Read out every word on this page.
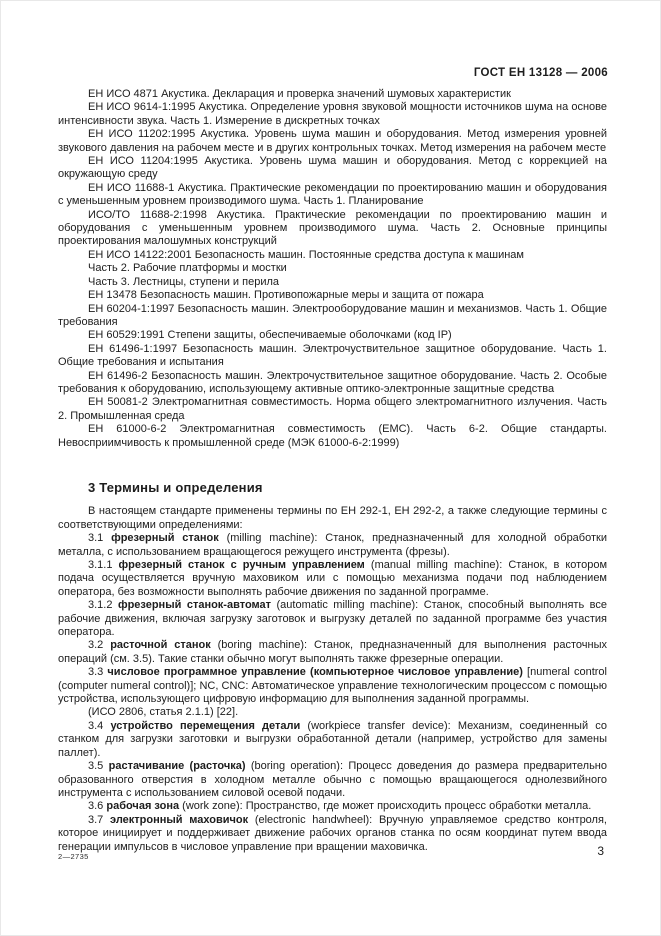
ГОСТ ЕН 13128 — 2006

ЕН ИСО 4871 Акустика. Декларация и проверка значений шумовых характеристик

ЕН ИСО 9614-1:1995 Акустика. Определение уровня звуковой мощности источников шума на основе интенсивности звука. Часть 1. Измерение в дискретных точках

ЕН ИСО 11202:1995 Акустика. Уровень шума машин и оборудования. Метод измерения уровней звукового давления на рабочем месте и в других контрольных точках. Метод измерения на рабочем месте

ЕН ИСО 11204:1995 Акустика. Уровень шума машин и оборудования. Метод с коррекцией на окружающую среду

ЕН ИСО 11688-1 Акустика. Практические рекомендации по проектированию машин и оборудования с уменьшенным уровнем производимого шума. Часть 1. Планирование

ИСО/ТО 11688-2:1998 Акустика. Практические рекомендации по проектированию машин и оборудования с уменьшенным уровнем производимого шума. Часть 2. Основные принципы проектирования малошумных конструкций

ЕН ИСО 14122:2001 Безопасность машин. Постоянные средства доступа к машинам

Часть 2. Рабочие платформы и мостки

Часть 3. Лестницы, ступени и перила

ЕН 13478 Безопасность машин. Противопожарные меры и защита от пожара

ЕН 60204-1:1997 Безопасность машин. Электрооборудование машин и механизмов. Часть 1. Общие требования

ЕН 60529:1991 Степени защиты, обеспечиваемые оболочками (код IP)

ЕН 61496-1:1997 Безопасность машин. Электрочуствительное защитное оборудование. Часть 1. Общие требования и испытания

ЕН 61496-2 Безопасность машин. Электрочуствительное защитное оборудование. Часть 2. Особые требования к оборудованию, использующему активные оптико-электронные защитные средства

ЕН 50081-2 Электромагнитная совместимость. Норма общего электромагнитного излучения. Часть 2. Промышленная среда

ЕН 61000-6-2 Электромагнитная совместимость (ЕМС). Часть 6-2. Общие стандарты. Невосприимчивость к промышленной среде (МЭК 61000-6-2:1999)

3 Термины и определения

В настоящем стандарте применены термины по ЕН 292-1, ЕН 292-2, а также следующие термины с соответствующими определениями:

3.1 фрезерный станок (milling machine): Станок, предназначенный для холодной обработки металла, с использованием вращающегося режущего инструмента (фрезы).

3.1.1 фрезерный станок с ручным управлением (manual milling machine): Станок, в котором подача осуществляется вручную маховиком или с помощью механизма подачи под наблюдением оператора, без возможности выполнять рабочие движения по заданной программе.

3.1.2 фрезерный станок-автомат (automatic milling machine): Станок, способный выполнять все рабочие движения, включая загрузку заготовок и выгрузку деталей по заданной программе без участия оператора.

3.2 расточной станок (boring machine): Станок, предназначенный для выполнения расточных операций (см. 3.5). Такие станки обычно могут выполнять также фрезерные операции.

3.3 числовое программное управление (компьютерное числовое управление) [numeral control (computer numeral control)]; NC, CNC: Автоматическое управление технологическим процессом с помощью устройства, использующего цифровую информацию для выполнения заданной программы.

(ИСО 2806, статья 2.1.1) [22].

3.4 устройство перемещения детали (workpiece transfer device): Механизм, соединенный со станком для загрузки заготовки и выгрузки обработанной детали (например, устройство для замены паллет).

3.5 растачивание (расточка) (boring operation): Процесс доведения до размера предварительно образованного отверстия в холодном металле обычно с помощью вращающегося однолезвийного инструмента с использованием силовой осевой подачи.

3.6 рабочая зона (work zone): Пространство, где может происходить процесс обработки металла.

3.7 электронный маховичок (electronic handwheel): Вручную управляемое средство контроля, которое инициирует и поддерживает движение рабочих органов станка по осям координат путем ввода генерации импульсов в числовое управление при вращении маховичка.

2—2735	3
